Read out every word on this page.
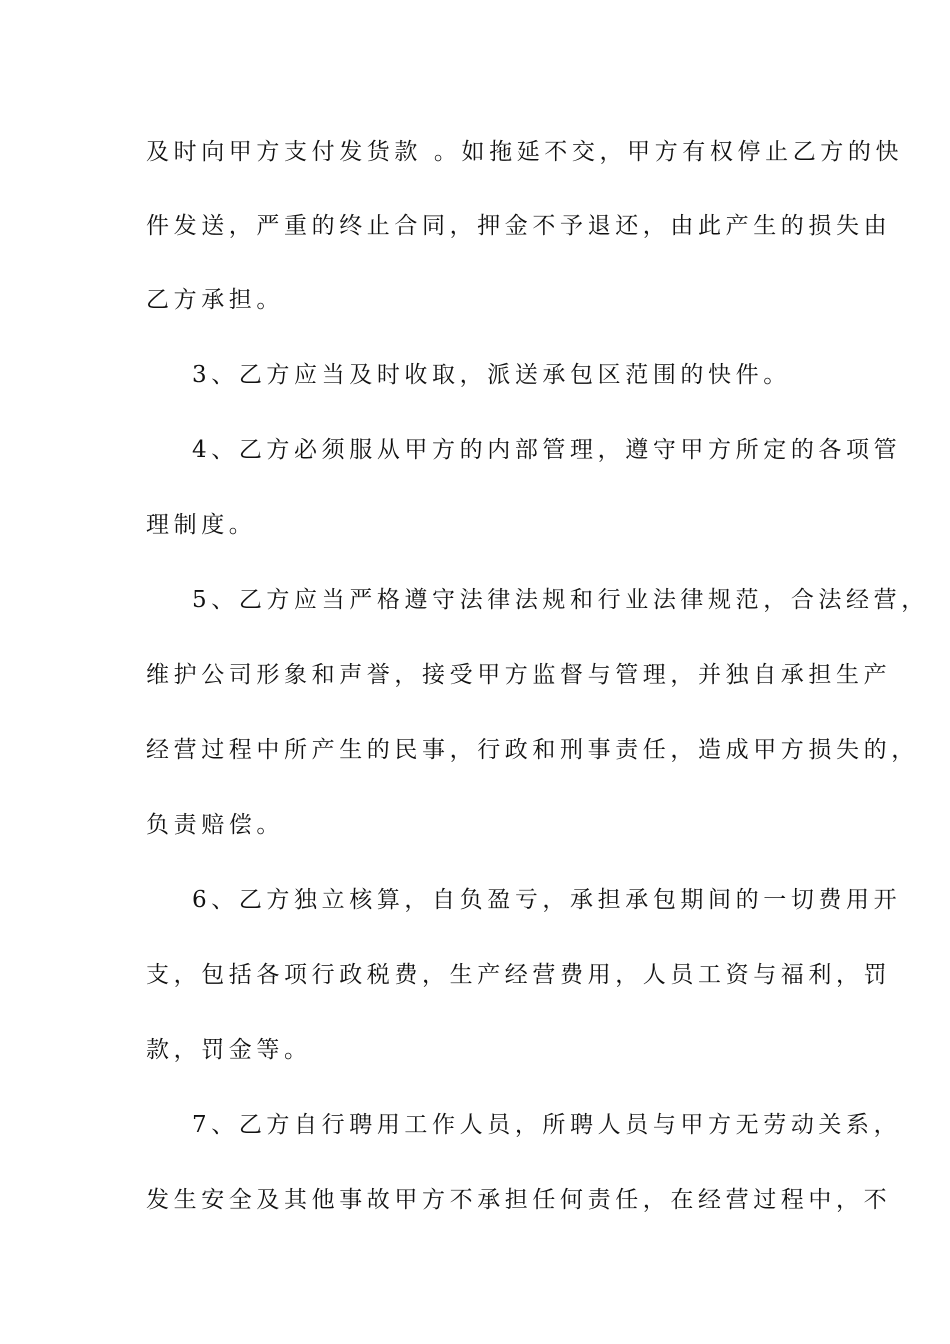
及时向甲方支付发货款 。如拖延不交，甲方有权停止乙方的快
件发送，严重的终止合同，押金不予退还，由此产生的损失由
乙方承担。
3、乙方应当及时收取，派送承包区范围的快件。
4、乙方必须服从甲方的内部管理，遵守甲方所定的各项管
理制度。
5、乙方应当严格遵守法律法规和行业法律规范，合法经营，
维护公司形象和声誉，接受甲方监督与管理，并独自承担生产
经营过程中所产生的民事，行政和刑事责任，造成甲方损失的，
负责赔偿。
6、乙方独立核算，自负盈亏，承担承包期间的一切费用开
支，包括各项行政税费，生产经营费用，人员工资与福利，罚
款，罚金等。
7、乙方自行聘用工作人员，所聘人员与甲方无劳动关系，
发生安全及其他事故甲方不承担任何责任，在经营过程中，不
